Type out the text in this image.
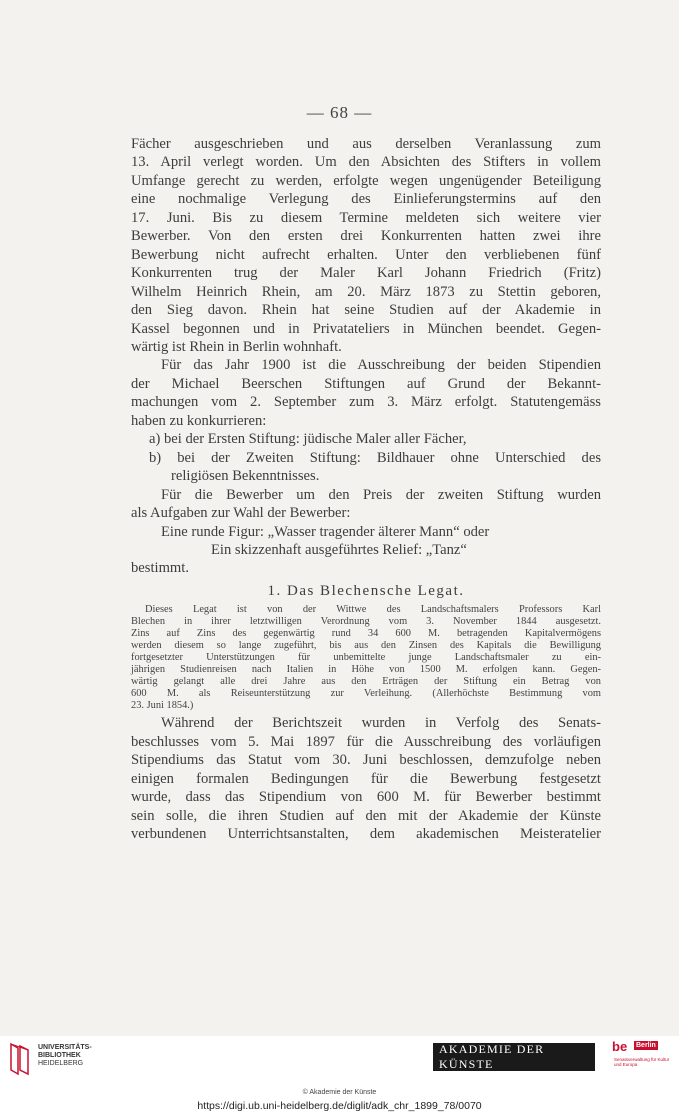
— 68 —

Fächer ausgeschrieben und aus derselben Veranlassung zum
13. April verlegt worden. Um den Absichten des Stifters in vollem
Umfange gerecht zu werden, erfolgte wegen ungenügender Beteiligung
eine nochmalige Verlegung des Einlieferungstermins auf den
17. Juni. Bis zu diesem Termine meldeten sich weitere vier
Bewerber. Von den ersten drei Konkurrenten hatten zwei ihre
Bewerbung nicht aufrecht erhalten. Unter den verbliebenen fünf
Konkurrenten trug der Maler Karl Johann Friedrich (Fritz)
Wilhelm Heinrich Rhein, am 20. März 1873 zu Stettin geboren,
den Sieg davon. Rhein hat seine Studien auf der Akademie in
Kassel begonnen und in Privatateliers in München beendet. Gegen-
wärtig ist Rhein in Berlin wohnhaft.

Für das Jahr 1900 ist die Ausschreibung der beiden Stipendien
der Michael Beerschen Stiftungen auf Grund der Bekannt-
machungen vom 2. September zum 3. März erfolgt. Statutengemäss
haben zu konkurrieren:

a) bei der Ersten Stiftung: jüdische Maler aller Fächer,

b) bei der Zweiten Stiftung: Bildhauer ohne Unterschied des
religiösen Bekenntnisses.

Für die Bewerber um den Preis der zweiten Stiftung wurden
als Aufgaben zur Wahl der Bewerber:

Eine runde Figur: „Wasser tragender älterer Mann“ oder

Ein skizzenhaft ausgeführtes Relief: „Tanz“

bestimmt.

1. Das Blechensche Legat.
Dieses Legat ist von der Wittwe des Landschaftsmalers Professors Karl
Blechen in ihrer letztwilligen Verordnung vom 3. November 1844 ausgesetzt.
Zins auf Zins des gegenwärtig rund 34 600 M. betragenden Kapitalvermögens
werden diesem so lange zugeführt, bis aus den Zinsen des Kapitals die Bewilligung
fortgesetzter Unterstützungen für unbemittelte junge Landschaftsmaler zu ein-
jährigen Studienreisen nach Italien in Höhe von 1500 M. erfolgen kann. Gegen-
wärtig gelangt alle drei Jahre aus den Erträgen der Stiftung ein Betrag von
600 M. als Reiseunterstützung zur Verleihung. (Allerhöchste Bestimmung vom
23. Juni 1854.)

Während der Berichtszeit wurden in Verfolg des Senats-
beschlusses vom 5. Mai 1897 für die Ausschreibung des vorläufigen
Stipendiums das Statut vom 30. Juni beschlossen, demzufolge neben
einigen formalen Bedingungen für die Bewerbung festgesetzt
wurde, dass das Stipendium von 600 M. für Bewerber bestimmt
sein solle, die ihren Studien auf den mit der Akademie der Künste
verbundenen Unterrichtsanstalten, dem akademischen Meisteratelier

UNIVERSITÄTS-
BIBLIOTHEK
HEIDELBERG
AKADEMIE DER KÜNSTE
be Berlin
Senatsverwaltung für Kultur und Europa
© Akademie der Künste
https://digi.ub.uni-heidelberg.de/diglit/adk_chr_1899_78/0070
